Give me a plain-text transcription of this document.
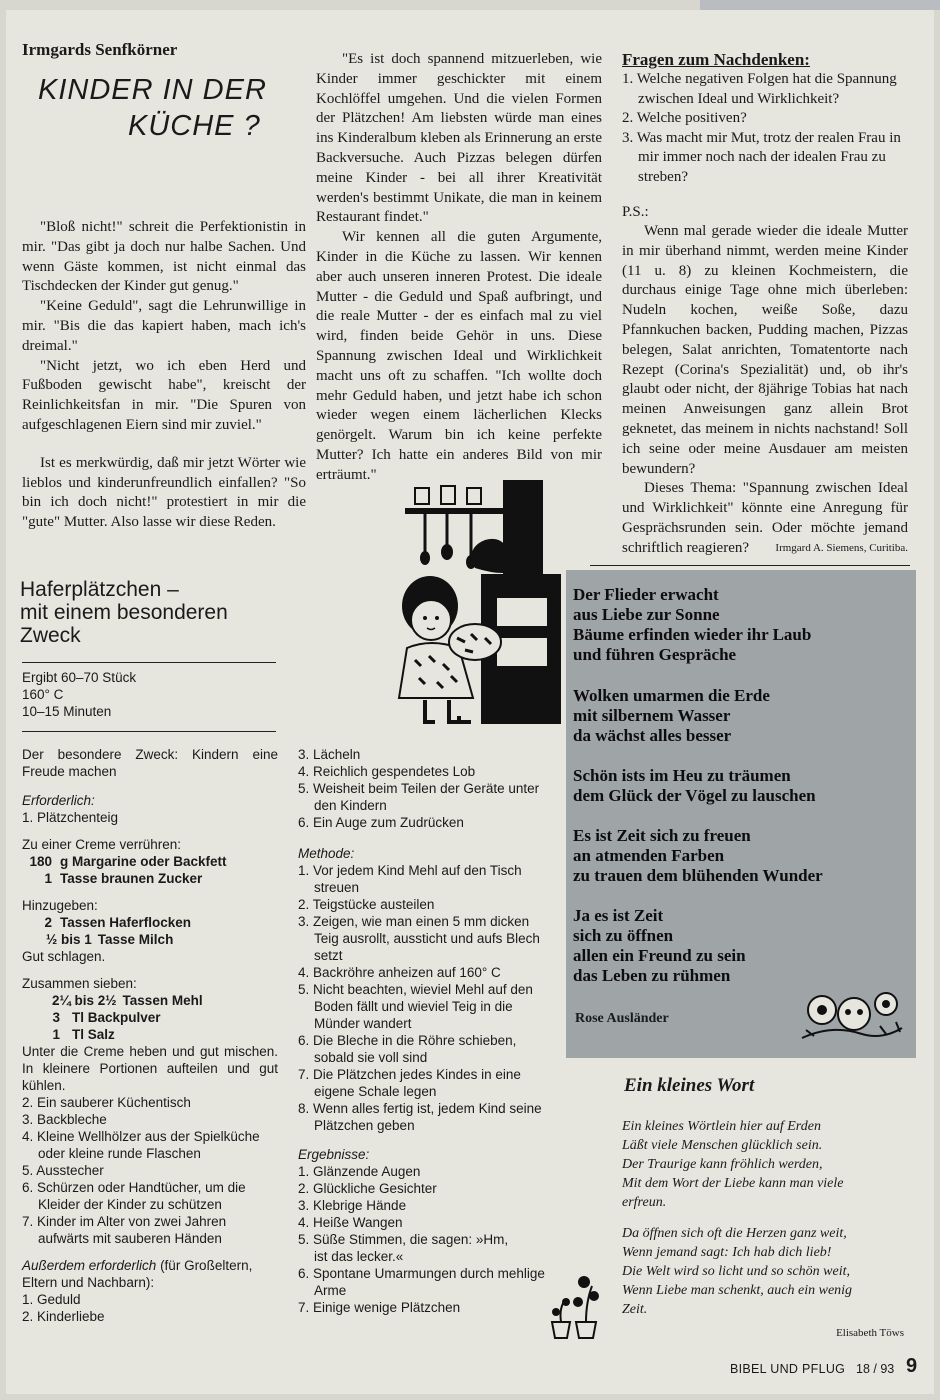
Irmgards Senfkörner
KINDER IN DER
KÜCHE ?

"Bloß nicht!" schreit die Perfektionistin in mir. "Das gibt ja doch nur halbe Sachen. Und wenn Gäste kommen, ist nicht einmal das Tischdecken der Kinder gut genug."

"Keine Geduld", sagt die Lehrunwillige in mir. "Bis die das kapiert haben, mach ich's dreimal."

"Nicht jetzt, wo ich eben Herd und Fußboden gewischt habe", kreischt der Reinlichkeitsfan in mir. "Die Spuren von aufgeschlagenen Eiern sind mir zuviel."

Ist es merkwürdig, daß mir jetzt Wörter wie lieblos und kinderunfreundlich einfallen? "So bin ich doch nicht!" protestiert in mir die "gute" Mutter. Also lasse wir diese Reden.

"Es ist doch spannend mitzuerleben, wie Kinder immer geschickter mit einem Kochlöffel umgehen. Und die vielen Formen der Plätzchen! Am liebsten würde man eines ins Kinderalbum kleben als Erinnerung an erste Backversuche. Auch Pizzas belegen dürfen meine Kinder - bei all ihrer Kreativität werden's bestimmt Unikate, die man in keinem Restaurant findet."

Wir kennen all die guten Argumente, Kinder in die Küche zu lassen. Wir kennen aber auch unseren inneren Protest. Die ideale Mutter - die Geduld und Spaß aufbringt, und die reale Mutter - der es einfach mal zu viel wird, finden beide Gehör in uns. Diese Spannung zwischen Ideal und Wirklichkeit macht uns oft zu schaffen. "Ich wollte doch mehr Geduld haben, und jetzt habe ich schon wieder wegen einem lächerlichen Klecks genörgelt. Warum bin ich keine perfekte Mutter? Ich hatte ein anderes Bild von mir erträumt."

Fragen zum Nachdenken:

1. Welche negativen Folgen hat die Spannung zwischen Ideal und Wirklichkeit?

2. Welche positiven?

3. Was macht mir Mut, trotz der realen Frau in mir immer noch nach der idealen Frau zu streben?

P.S.:

Wenn mal gerade wieder die ideale Mutter in mir überhand nimmt, werden meine Kinder (11 u. 8) zu kleinen Kochmeistern, die durchaus einige Tage ohne mich überleben: Nudeln kochen, weiße Soße, dazu Pfannkuchen backen, Pudding machen, Pizzas belegen, Salat anrichten, Tomatentorte nach Rezept (Corina's Spezialität) und, ob ihr's glaubt oder nicht, der 8jährige Tobias hat nach meinen Anweisungen ganz allein Brot geknetet, das meinem in nichts nachstand! Soll ich seine oder meine Ausdauer am meisten bewundern?

Dieses Thema: "Spannung zwischen Ideal und Wirklichkeit" könnte eine Anregung für Gesprächsrunden sein. Oder möchte jemand schriftlich reagieren?	Irmgard A. Siemens, Curitiba.
Haferplätzchen –
mit einem besonderen
Zweck
Ergibt 60–70 Stück
160° C
10–15 Minuten

Der besondere Zweck: Kindern eine Freude machen

Erforderlich:

1. Plätzchenteig

Zu einer Creme verrühren:

180 g Margarine oder Backfett
1 Tasse braunen Zucker

Hinzugeben:

2 Tassen Haferflocken
½ bis 1 Tasse Milch

Gut schlagen.

Zusammen sieben:

2¼ bis 2½ Tassen Mehl
3 Tl Backpulver
1 Tl Salz

Unter die Creme heben und gut mischen. In kleinere Portionen aufteilen und gut kühlen.

2. Ein sauberer Küchentisch
3. Backbleche
4. Kleine Wellhölzer aus der Spielküche oder kleine runde Flaschen
5. Ausstecher
6. Schürzen oder Handtücher, um die Kleider der Kinder zu schützen
7. Kinder im Alter von zwei Jahren aufwärts mit sauberen Händen

Außerdem erforderlich (für Großeltern, Eltern und Nachbarn):

1. Geduld
2. Kinderliebe
3. Lächeln
4. Reichlich gespendetes Lob
5. Weisheit beim Teilen der Geräte unter den Kindern
6. Ein Auge zum Zudrücken

Methode:

1. Vor jedem Kind Mehl auf den Tisch streuen
2. Teigstücke austeilen
3. Zeigen, wie man einen 5 mm dicken Teig ausrollt, aussticht und aufs Blech setzt
4. Backröhre anheizen auf 160° C
5. Nicht beachten, wieviel Mehl auf den Boden fällt und wieviel Teig in die Münder wandert
6. Die Bleche in die Röhre schieben, sobald sie voll sind
7. Die Plätzchen jedes Kindes in eine eigene Schale legen
8. Wenn alles fertig ist, jedem Kind seine Plätzchen geben

Ergebnisse:

1. Glänzende Augen
2. Glückliche Gesichter
3. Klebrige Hände
4. Heiße Wangen
5. Süße Stimmen, die sagen: »Hm, ist das lecker.«
6. Spontane Umarmungen durch mehlige Arme
7. Einige wenige Plätzchen
Der Flieder erwacht
aus Liebe zur Sonne
Bäume erfinden wieder ihr Laub
und führen Gespräche
Wolken umarmen die Erde
mit silbernem Wasser
da wächst alles besser
Schön ists im Heu zu träumen
dem Glück der Vögel zu lauschen
Es ist Zeit sich zu freuen
an atmenden Farben
zu trauen dem blühenden Wunder
Ja es ist Zeit
sich zu öffnen
allen ein Freund zu sein
das Leben zu rühmen
Rose Ausländer
Ein kleines Wort
Ein kleines Wörtlein hier auf Erden
Läßt viele Menschen glücklich sein.
Der Traurige kann fröhlich werden,
Mit dem Wort der Liebe kann man viele
erfreun.
Da öffnen sich oft die Herzen ganz weit,
Wenn jemand sagt: Ich hab dich lieb!
Die Welt wird so licht und so schön weit,
Wenn Liebe man schenkt, auch ein wenig
Zeit.
Elisabeth Töws
BIBEL UND PFLUG 18 / 93 9
